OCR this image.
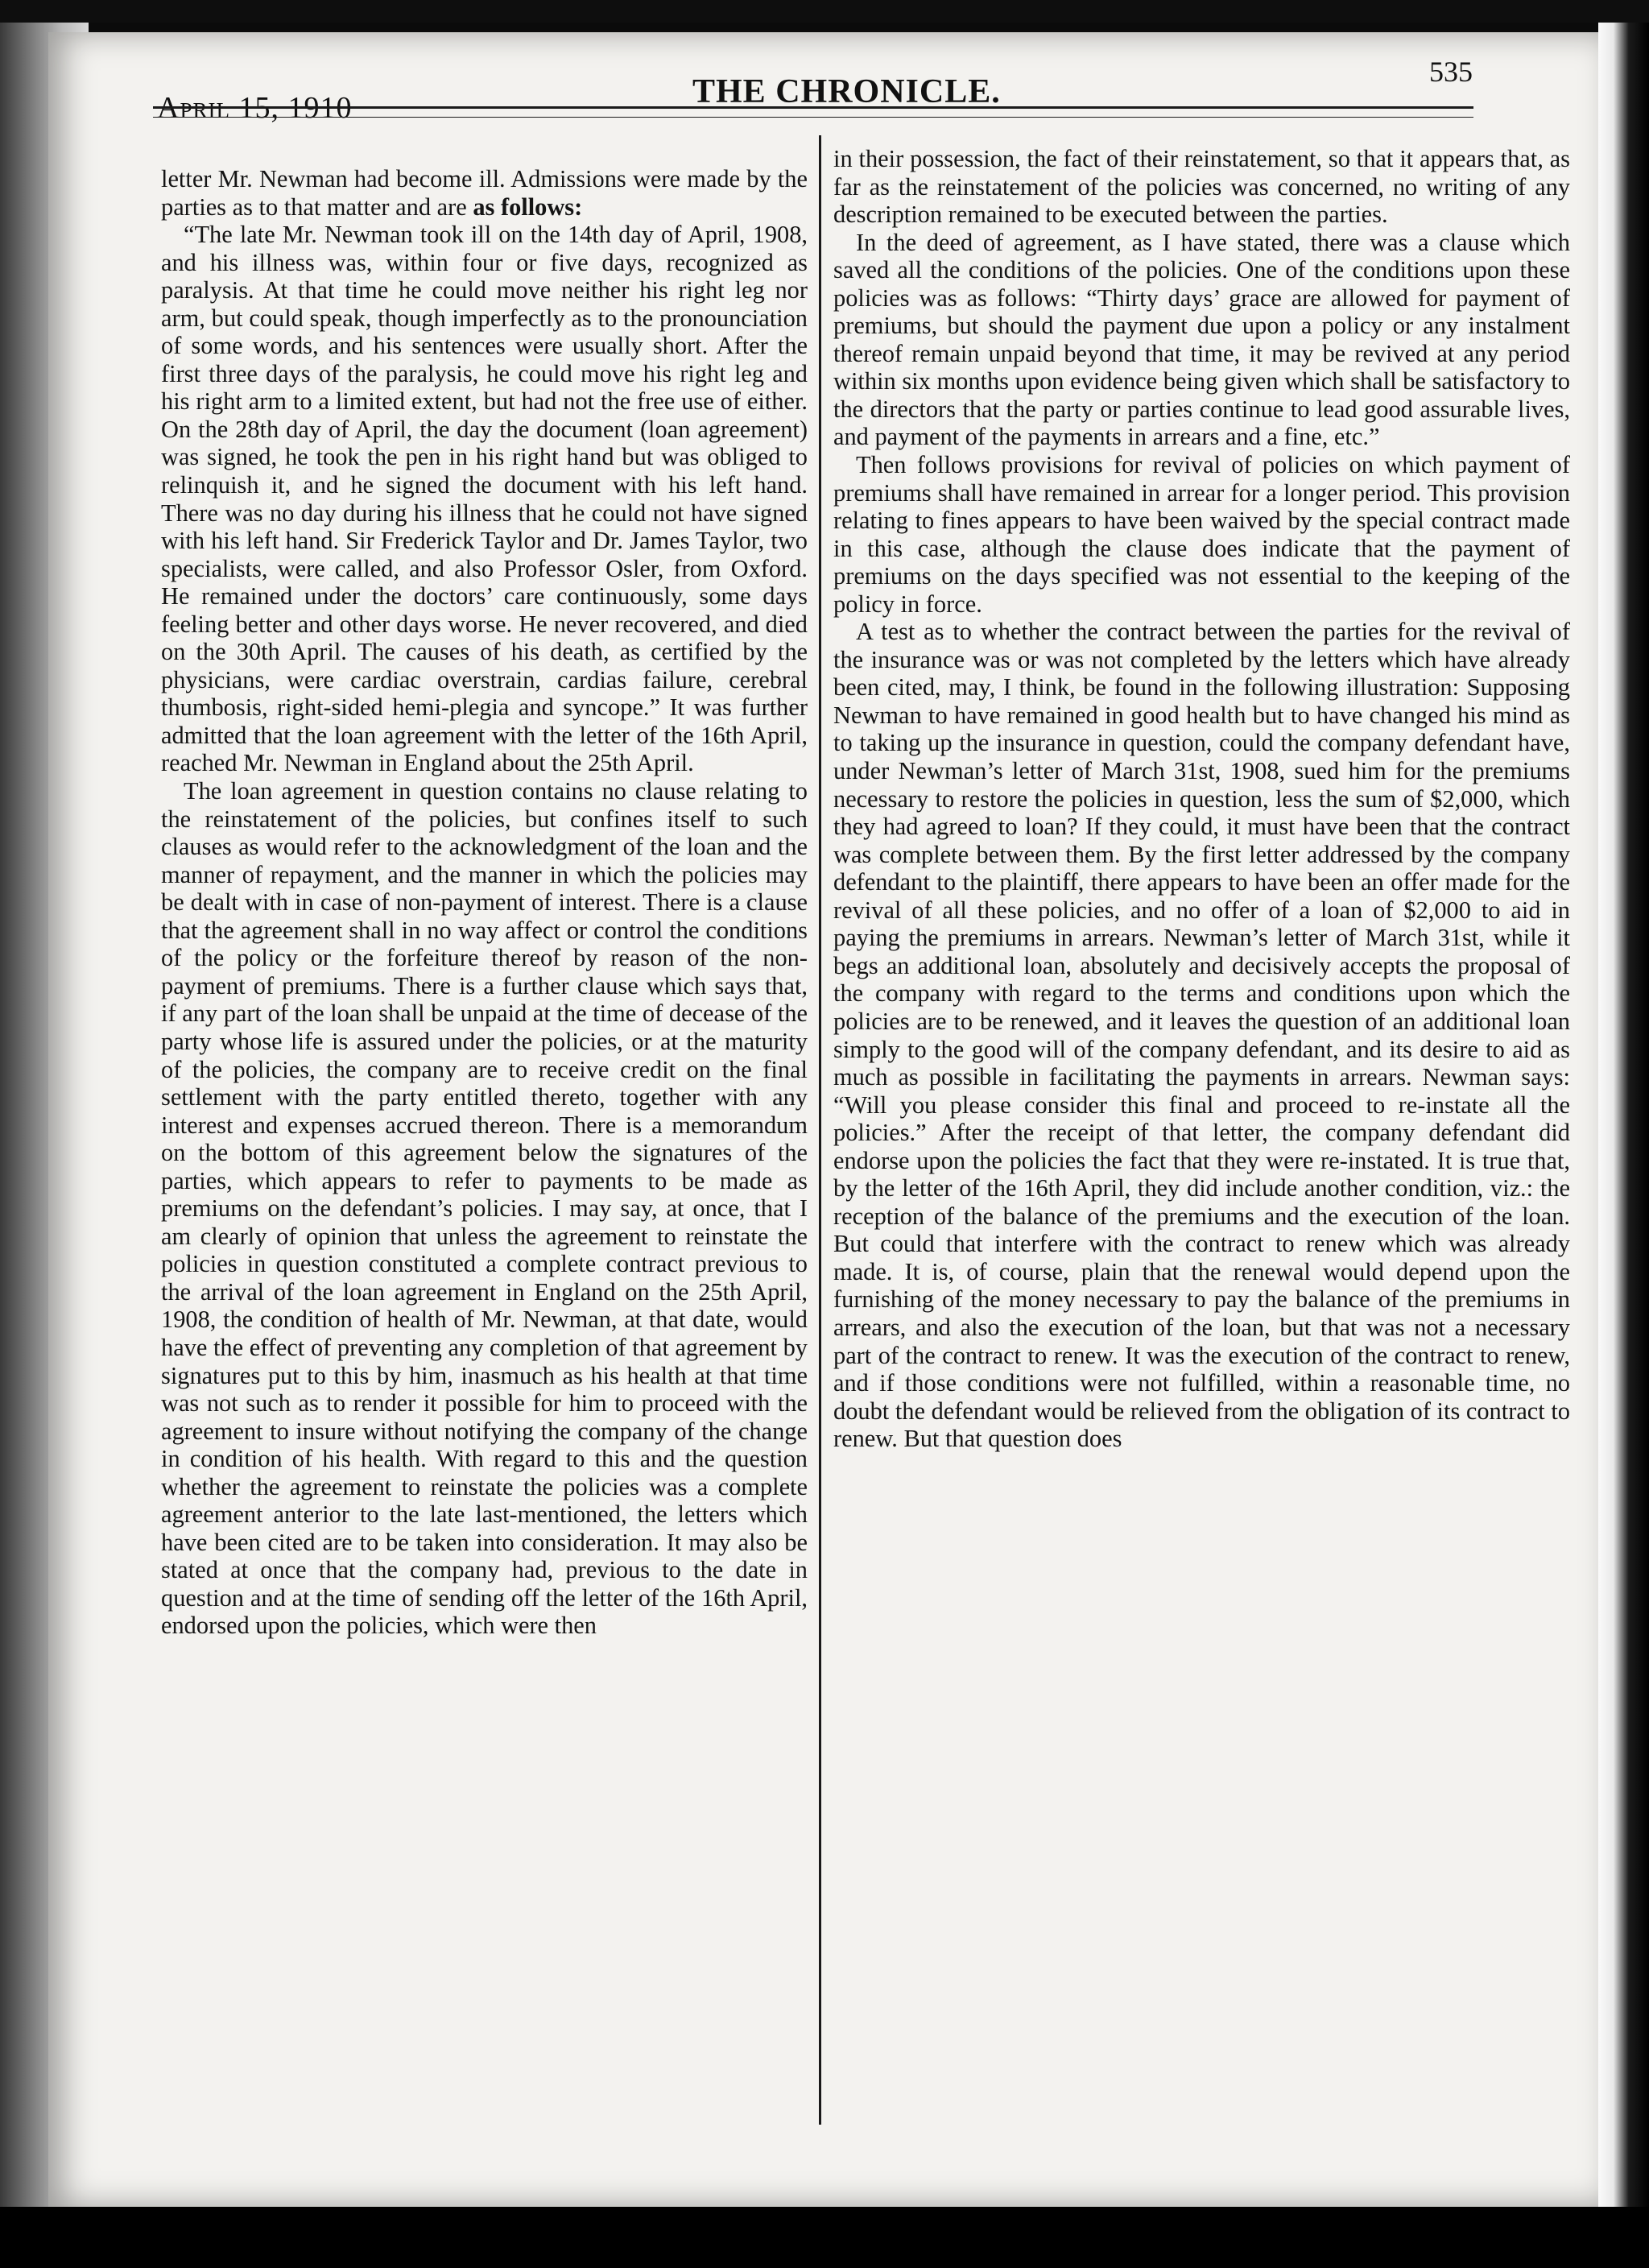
April 15, 1910	THE CHRONICLE.
535

letter Mr. Newman had become ill. Admissions were made by the parties as to that matter and are as follows:

“The late Mr. Newman took ill on the 14th day of April, 1908, and his illness was, within four or five days, recognized as paralysis. At that time he could move neither his right leg nor arm, but could speak, though imperfectly as to the pronounciation of some words, and his sentences were usually short. After the first three days of the paralysis, he could move his right leg and his right arm to a limited extent, but had not the free use of either. On the 28th day of April, the day the document (loan agreement) was signed, he took the pen in his right hand but was obliged to relinquish it, and he signed the document with his left hand. There was no day during his illness that he could not have signed with his left hand. Sir Frederick Taylor and Dr. James Taylor, two specialists, were called, and also Professor Osler, from Oxford. He remained under the doctors’ care continuously, some days feeling better and other days worse. He never recovered, and died on the 30th April. The causes of his death, as certified by the physicians, were cardiac overstrain, cardias failure, cerebral thumbosis, right-sided hemi-plegia and syncope.” It was further admitted that the loan agreement with the letter of the 16th April, reached Mr. Newman in England about the 25th April.

The loan agreement in question contains no clause relating to the reinstatement of the policies, but confines itself to such clauses as would refer to the acknowledgment of the loan and the manner of repayment, and the manner in which the policies may be dealt with in case of non-payment of interest. There is a clause that the agreement shall in no way affect or control the conditions of the policy or the forfeiture thereof by reason of the non-payment of premiums. There is a further clause which says that, if any part of the loan shall be unpaid at the time of decease of the party whose life is assured under the policies, or at the maturity of the policies, the company are to receive credit on the final settlement with the party entitled thereto, together with any interest and expenses accrued thereon. There is a memorandum on the bottom of this agreement below the signatures of the parties, which appears to refer to payments to be made as premiums on the defendant’s policies. I may say, at once, that I am clearly of opinion that unless the agreement to reinstate the policies in question constituted a complete contract previous to the arrival of the loan agreement in England on the 25th April, 1908, the condition of health of Mr. Newman, at that date, would have the effect of preventing any completion of that agreement by signatures put to this by him, inasmuch as his health at that time was not such as to render it possible for him to proceed with the agreement to insure without notifying the company of the change in condition of his health. With regard to this and the question whether the agreement to reinstate the policies was a complete agreement anterior to the late last-mentioned, the letters which have been cited are to be taken into consideration. It may also be stated at once that the company had, previous to the date in question and at the time of sending off the letter of the 16th April, endorsed upon the policies, which were then

in their possession, the fact of their reinstatement, so that it appears that, as far as the reinstatement of the policies was concerned, no writing of any description remained to be executed between the parties.

In the deed of agreement, as I have stated, there was a clause which saved all the conditions of the policies. One of the conditions upon these policies was as follows: “Thirty days’ grace are allowed for payment of premiums, but should the payment due upon a policy or any instalment thereof remain unpaid beyond that time, it may be revived at any period within six months upon evidence being given which shall be satisfactory to the directors that the party or parties continue to lead good assurable lives, and payment of the payments in arrears and a fine, etc.”

Then follows provisions for revival of policies on which payment of premiums shall have remained in arrear for a longer period. This provision relating to fines appears to have been waived by the special contract made in this case, although the clause does indicate that the payment of premiums on the days specified was not essential to the keeping of the policy in force.

A test as to whether the contract between the parties for the revival of the insurance was or was not completed by the letters which have already been cited, may, I think, be found in the following illustration: Supposing Newman to have remained in good health but to have changed his mind as to taking up the insurance in question, could the company defendant have, under Newman’s letter of March 31st, 1908, sued him for the premiums necessary to restore the policies in question, less the sum of $2,000, which they had agreed to loan? If they could, it must have been that the contract was complete between them. By the first letter addressed by the company defendant to the plaintiff, there appears to have been an offer made for the revival of all these policies, and no offer of a loan of $2,000 to aid in paying the premiums in arrears. Newman’s letter of March 31st, while it begs an additional loan, absolutely and decisively accepts the proposal of the company with regard to the terms and conditions upon which the policies are to be renewed, and it leaves the question of an additional loan simply to the good will of the company defendant, and its desire to aid as much as possible in facilitating the payments in arrears. Newman says: “Will you please consider this final and proceed to re-instate all the policies.” After the receipt of that letter, the company defendant did endorse upon the policies the fact that they were re-instated. It is true that, by the letter of the 16th April, they did include another condition, viz.: the reception of the balance of the premiums and the execution of the loan. But could that interfere with the contract to renew which was already made. It is, of course, plain that the renewal would depend upon the furnishing of the money necessary to pay the balance of the premiums in arrears, and also the execution of the loan, but that was not a necessary part of the contract to renew. It was the execution of the contract to renew, and if those conditions were not fulfilled, within a reasonable time, no doubt the defendant would be relieved from the obligation of its contract to renew. But that question does
